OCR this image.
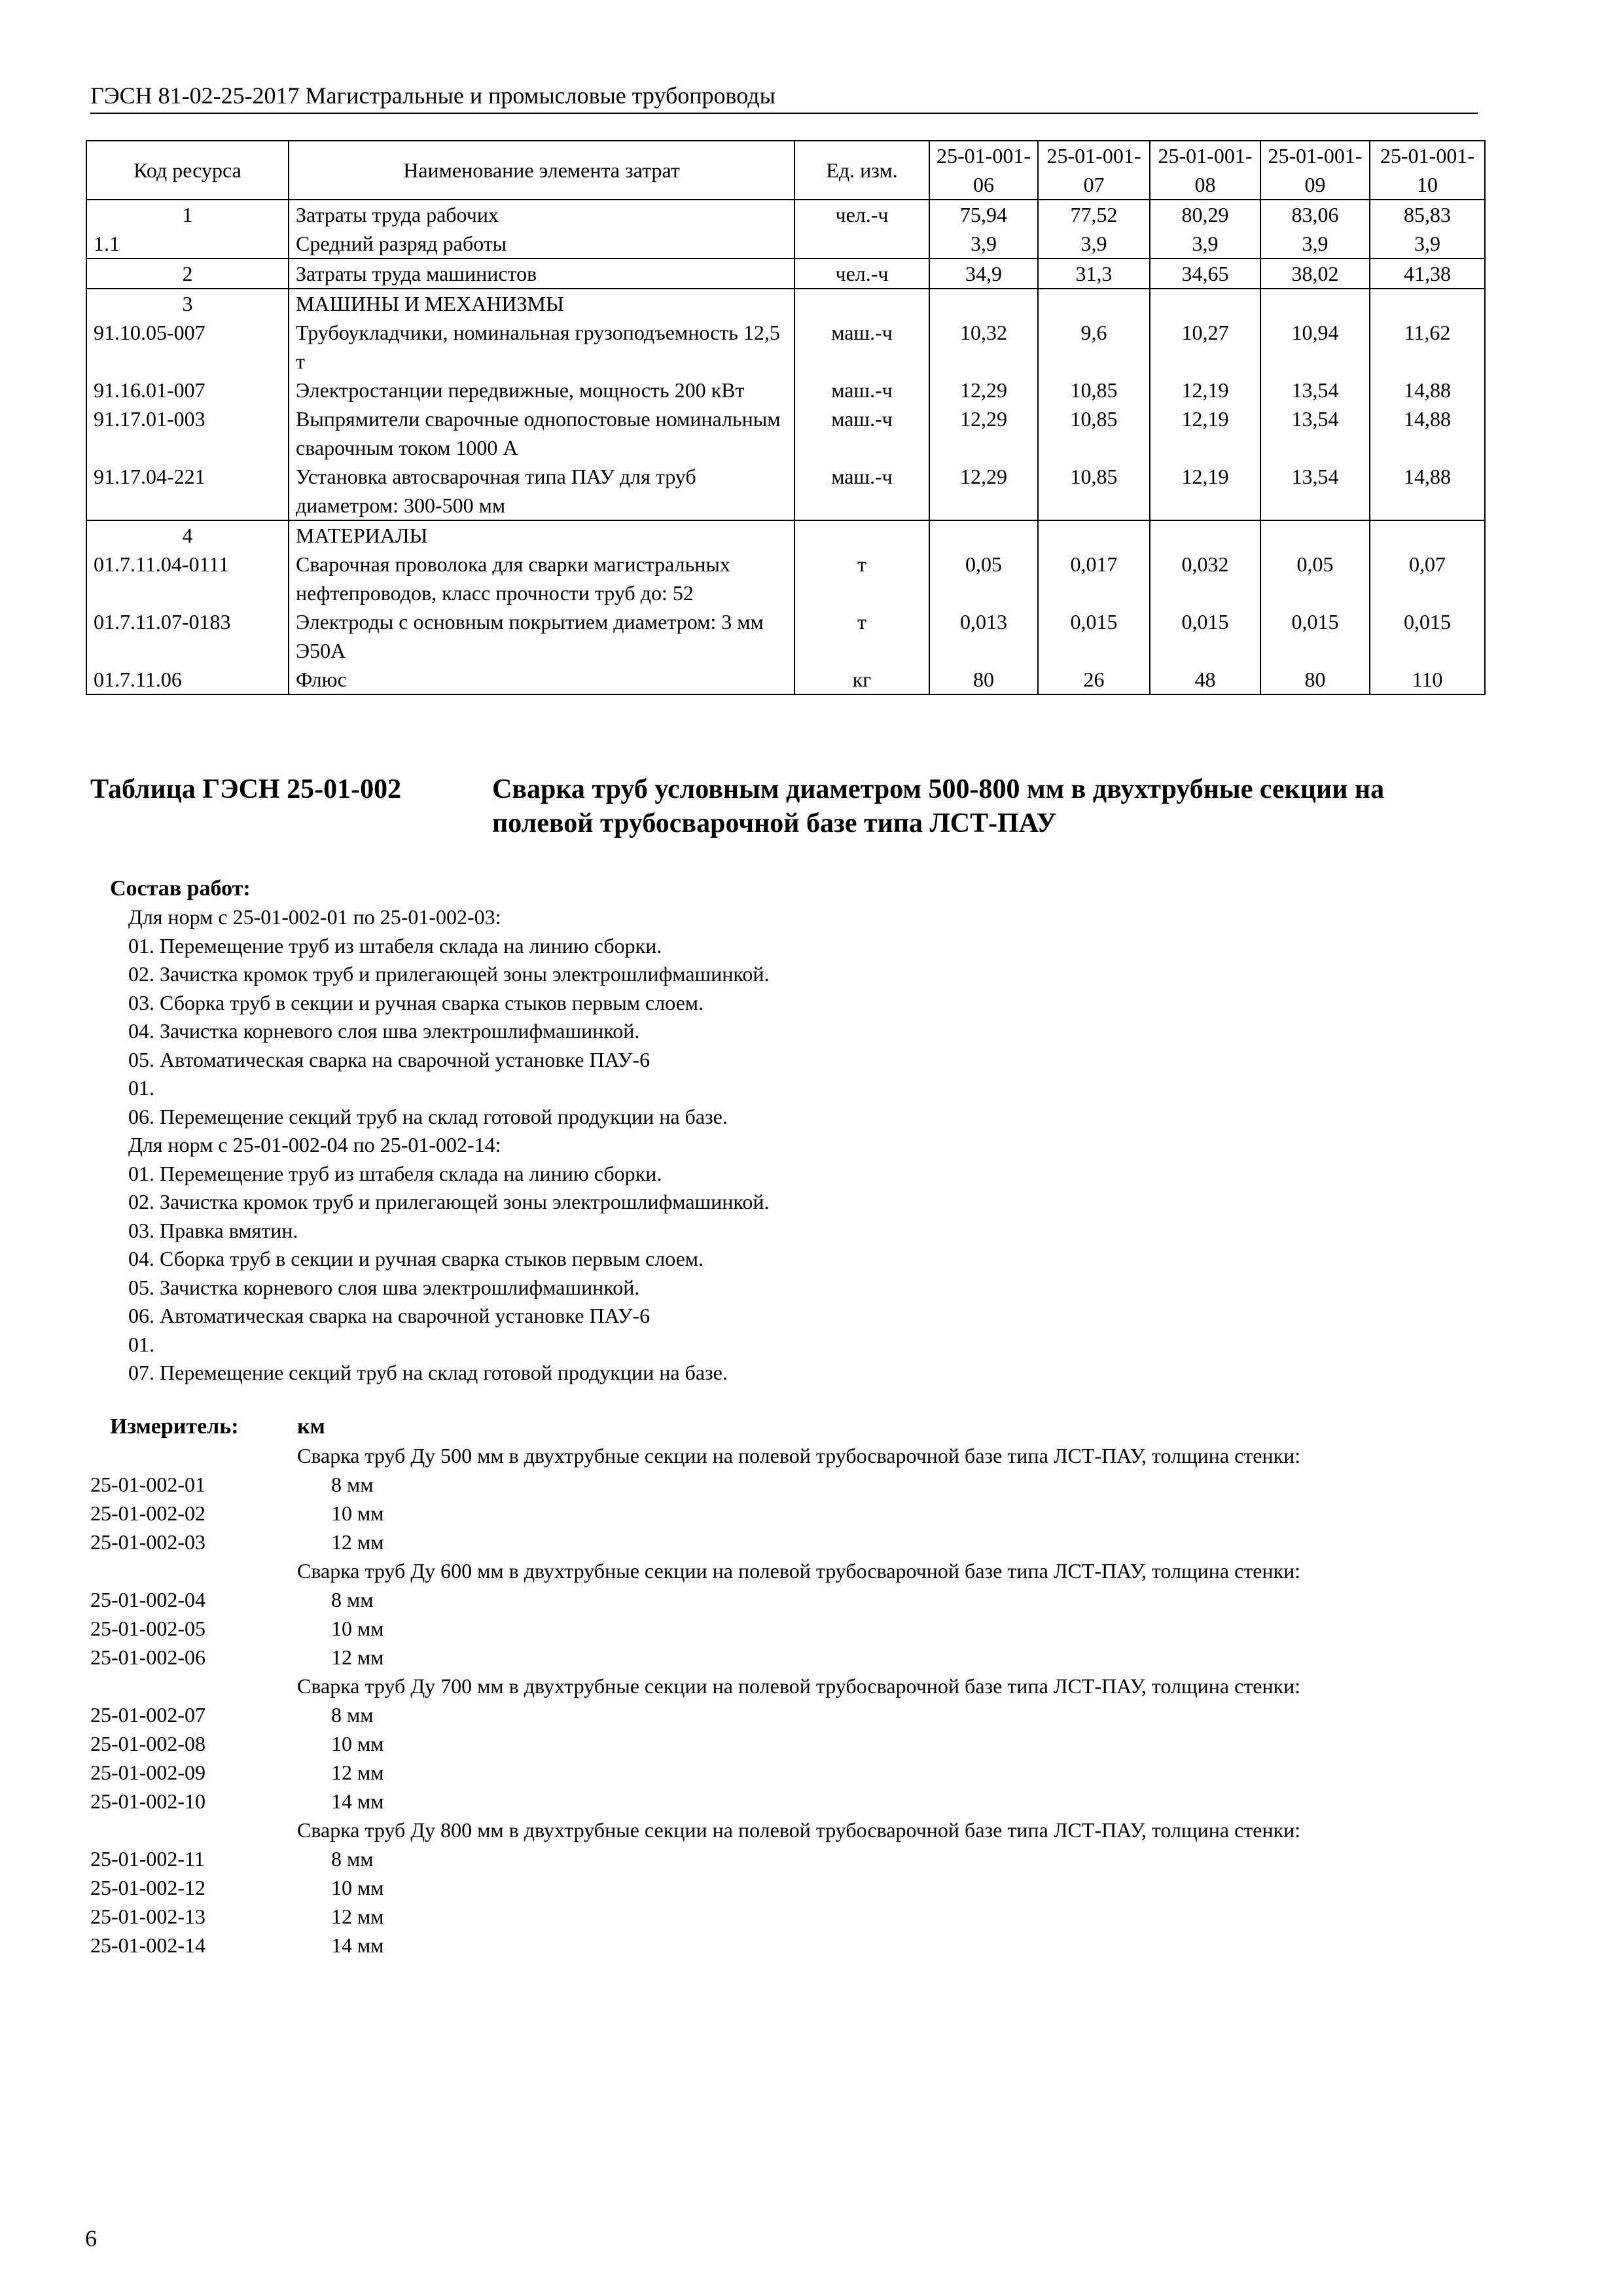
ГЭСН 81-02-25-2017 Магистральные и промысловые трубопроводы
Код ресурса	Наименование элемента затрат	Ед. изм.	25-01-001-06	25-01-001-07	25-01-001-08	25-01-001-09	25-01-001-10
1	Затраты труда рабочих	чел.-ч	75,94	77,52	80,29	83,06	85,83
1.1	Средний разряд работы		3,9	3,9	3,9	3,9	3,9
2	Затраты труда машинистов	чел.-ч	34,9	31,3	34,65	38,02	41,38
3	МАШИНЫ И МЕХАНИЗМЫ						
91.10.05-007	Трубоукладчики, номинальная грузоподъемность 12,5 т	маш.-ч	10,32	9,6	10,27	10,94	11,62
91.16.01-007	Электростанции передвижные, мощность 200 кВт	маш.-ч	12,29	10,85	12,19	13,54	14,88
91.17.01-003	Выпрямители сварочные однопостовые номинальным сварочным током 1000 А	маш.-ч	12,29	10,85	12,19	13,54	14,88
91.17.04-221	Установка автосварочная типа ПАУ для труб диаметром: 300-500 мм	маш.-ч	12,29	10,85	12,19	13,54	14,88
4	МАТЕРИАЛЫ						
01.7.11.04-0111	Сварочная проволока для сварки магистральных нефтепроводов, класс прочности труб до: 52	т	0,05	0,017	0,032	0,05	0,07
01.7.11.07-0183	Электроды с основным покрытием диаметром: 3 мм Э50А	т	0,013	0,015	0,015	0,015	0,015
01.7.11.06	Флюс	кг	80	26	48	80	110
Таблица ГЭСН 25-01-002	Сварка труб условным диаметром 500-800 мм в двухтрубные секции на полевой трубосварочной базе типа ЛСТ-ПАУ
Состав работ:
Для норм с 25-01-002-01 по 25-01-002-03:
01. Перемещение труб из штабеля склада на линию сборки.
02. Зачистка кромок труб и прилегающей зоны электрошлифмашинкой.
03. Сборка труб в секции и ручная сварка стыков первым слоем.
04. Зачистка корневого слоя шва электрошлифмашинкой.
05. Автоматическая сварка на сварочной установке ПАУ-6
01.
06. Перемещение секций труб на склад готовой продукции на базе.
Для норм с 25-01-002-04 по 25-01-002-14:
01. Перемещение труб из штабеля склада на линию сборки.
02. Зачистка кромок труб и прилегающей зоны электрошлифмашинкой.
03. Правка вмятин.
04. Сборка труб в секции и ручная сварка стыков первым слоем.
05. Зачистка корневого слоя шва электрошлифмашинкой.
06. Автоматическая сварка на сварочной установке ПАУ-6
01.
07. Перемещение секций труб на склад готовой продукции на базе.
Измеритель:	км
Сварка труб Ду 500 мм в двухтрубные секции на полевой трубосварочной базе типа ЛСТ-ПАУ, толщина стенки:
25-01-002-01	8 мм
25-01-002-02	10 мм
25-01-002-03	12 мм
Сварка труб Ду 600 мм в двухтрубные секции на полевой трубосварочной базе типа ЛСТ-ПАУ, толщина стенки:
25-01-002-04	8 мм
25-01-002-05	10 мм
25-01-002-06	12 мм
Сварка труб Ду 700 мм в двухтрубные секции на полевой трубосварочной базе типа ЛСТ-ПАУ, толщина стенки:
25-01-002-07	8 мм
25-01-002-08	10 мм
25-01-002-09	12 мм
25-01-002-10	14 мм
Сварка труб Ду 800 мм в двухтрубные секции на полевой трубосварочной базе типа ЛСТ-ПАУ, толщина стенки:
25-01-002-11	8 мм
25-01-002-12	10 мм
25-01-002-13	12 мм
25-01-002-14	14 мм
6
